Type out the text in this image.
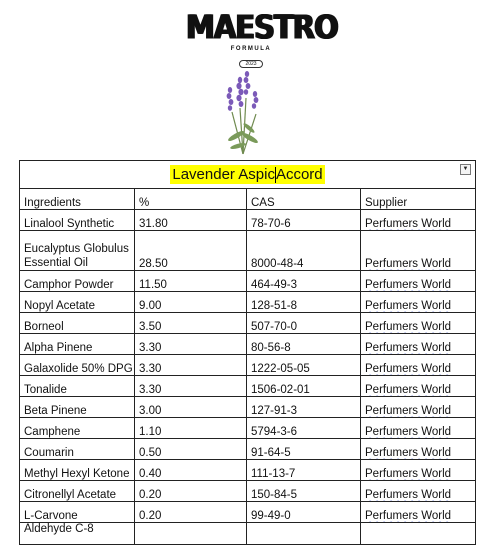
MAESTRO
FORMULA
2023
Lavender AspicAccord ▼			

Ingredients	%	CAS	Supplier
Linalool Synthetic	31.80	78-70-6	Perfumers World
Eucalyptus Globulus Essential Oil	28.50	8000-48-4	Perfumers World
Camphor Powder	11.50	464-49-3	Perfumers World
Nopyl Acetate	9.00	128-51-8	Perfumers World
Borneol	3.50	507-70-0	Perfumers World
Alpha Pinene	3.30	80-56-8	Perfumers World
Galaxolide 50% DPG	3.30	1222-05-05	Perfumers World
Tonalide	3.30	1506-02-01	Perfumers World
Beta Pinene	3.00	127-91-3	Perfumers World
Camphene	1.10	5794-3-6	Perfumers World
Coumarin	0.50	91-64-5	Perfumers World
Methyl Hexyl Ketone	0.40	111-13-7	Perfumers World
Citronellyl Acetate	0.20	150-84-5	Perfumers World
L-Carvone	0.20	99-49-0	Perfumers World
Aldehyde C-8			
